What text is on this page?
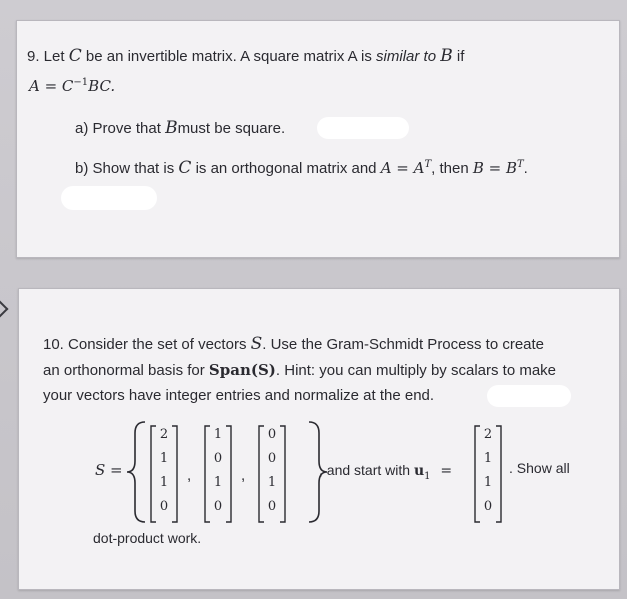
9. Let C be an invertible matrix. A square matrix A is similar to B if
$A = C^{-1}BC$.
a) Prove that Bmust be square.
b) Show that is C is an orthogonal matrix and $A = A^T$, then $B = B^T$.
10. Consider the set of vectors S. Use the Gram-Schmidt Process to create
an orthonormal basis for Span(S). Hint: you can multiply by scalars to make
your vectors have integer entries and normalize at the end.
S =
2
1
1
0
,
1
0
1
0
,
0
0
1
0
, and start with $u_1$ =
2
1
1
0
. Show all
dot-product work.
